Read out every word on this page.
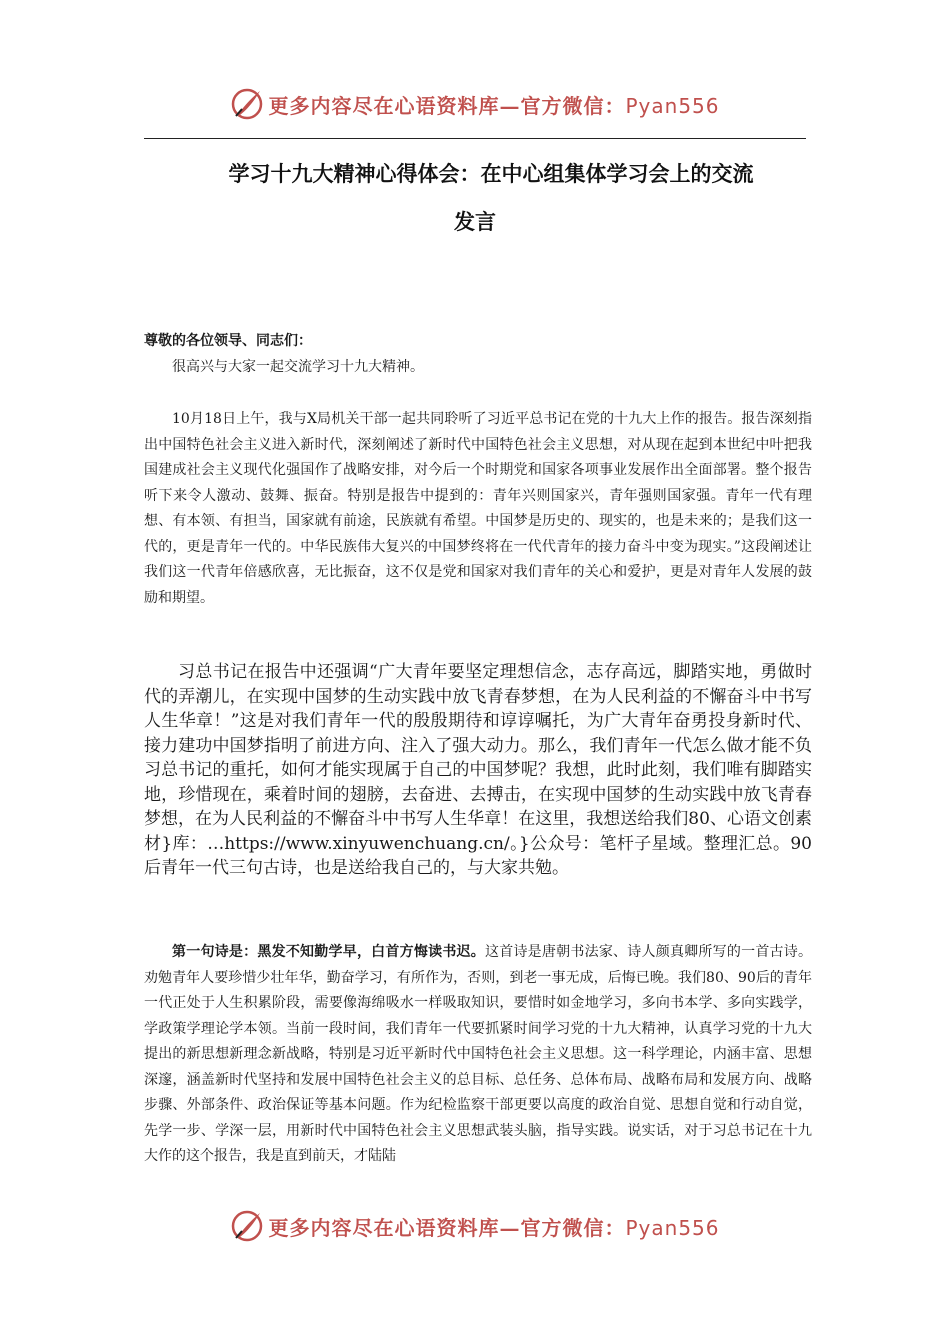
更多内容尽在心语资料库—官方微信：Pyan556
学习十九大精神心得体会：在中心组集体学习会上的交流
发言
尊敬的各位领导、同志们：

很高兴与大家一起交流学习十九大精神。

10月18日上午，我与X局机关干部一起共同聆听了习近平总书记在党的十九大上作的报告。报告深刻指出中国特色社会主义进入新时代，深刻阐述了新时代中国特色社会主义思想，对从现在起到本世纪中叶把我国建成社会主义现代化强国作了战略安排，对今后一个时期党和国家各项事业发展作出全面部署。整个报告听下来令人激动、鼓舞、振奋。特别是报告中提到的：青年兴则国家兴，青年强则国家强。青年一代有理想、有本领、有担当，国家就有前途，民族就有希望。中国梦是历史的、现实的，也是未来的；是我们这一代的，更是青年一代的。中华民族伟大复兴的中国梦终将在一代代青年的接力奋斗中变为现实。”这段阐述让我们这一代青年倍感欣喜，无比振奋，这不仅是党和国家对我们青年的关心和爱护，更是对青年人发展的鼓励和期望。

习总书记在报告中还强调“广大青年要坚定理想信念，志存高远，脚踏实地，勇做时代的弄潮儿，在实现中国梦的生动实践中放飞青春梦想，在为人民利益的不懈奋斗中书写人生华章！”这是对我们青年一代的殷殷期待和谆谆嘱托，为广大青年奋勇投身新时代、接力建功中国梦指明了前进方向、注入了强大动力。那么，我们青年一代怎么做才能不负习总书记的重托，如何才能实现属于自己的中国梦呢？我想，此时此刻，我们唯有脚踏实地，珍惜现在，乘着时间的翅膀，去奋进、去搏击，在实现中国梦的生动实践中放飞青春梦想，在为人民利益的不懈奋斗中书写人生华章！在这里，我想送给我们80、心语文创素材}库：…https://www.xinyuwenchuang.cn/。}公众号：笔杆子星域。整理汇总。90后青年一代三句古诗，也是送给我自己的，与大家共勉。

第一句诗是：黑发不知勤学早，白首方悔读书迟。这首诗是唐朝书法家、诗人颜真卿所写的一首古诗。劝勉青年人要珍惜少壮年华，勤奋学习，有所作为，否则，到老一事无成，后悔已晚。我们80、90后的青年一代正处于人生积累阶段，需要像海绵吸水一样吸取知识，要惜时如金地学习，多向书本学、多向实践学，学政策学理论学本领。当前一段时间，我们青年一代要抓紧时间学习党的十九大精神，认真学习党的十九大提出的新思想新理念新战略，特别是习近平新时代中国特色社会主义思想。这一科学理论，内涵丰富、思想深邃，涵盖新时代坚持和发展中国特色社会主义的总目标、总任务、总体布局、战略布局和发展方向、战略步骤、外部条件、政治保证等基本问题。作为纪检监察干部更要以高度的政治自觉、思想自觉和行动自觉，先学一步、学深一层，用新时代中国特色社会主义思想武装头脑，指导实践。说实话，对于习总书记在十九大作的这个报告，我是直到前天，才陆陆

更多内容尽在心语资料库—官方微信：Pyan556
